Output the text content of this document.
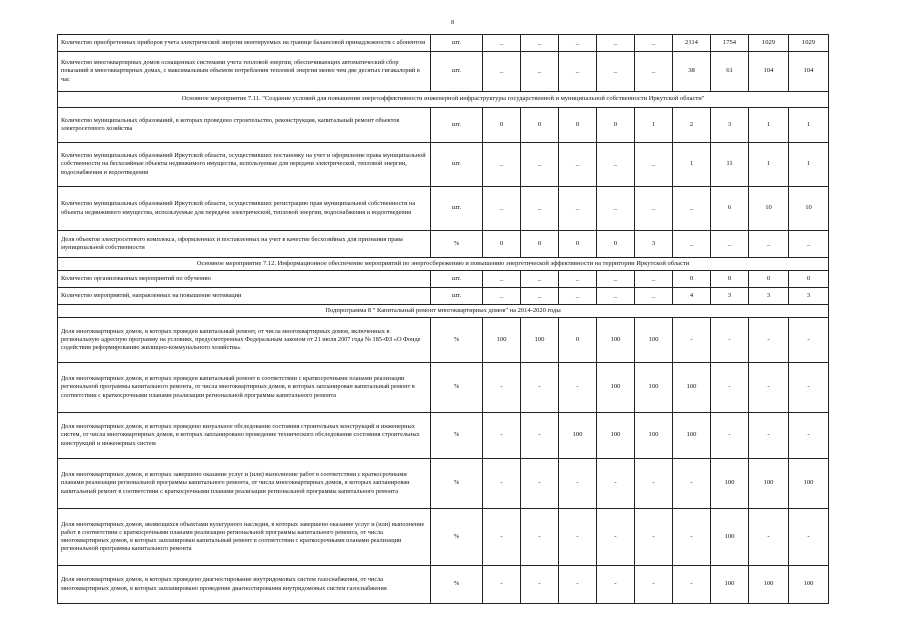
8
Количество приобретенных приборов учета электрической энергии монтируемых на границе балансовой принадлежности с абонентом	шт.	_	_	_	_	_	2114	1754	1029	1029
Количество многоквартирных домов оснащенных системами учета тепловой энергии, обеспечивающих автоматический сбор показаний в многоквартирных домах, с максимальным объемом потребления тепловой энергии менее чем две десятых гигакалорий в час	шт.	_	_	_	_	_	38	61	104	104
Основное мероприятие 7.11. "Создание условий для повышения энергоэффективности инженерной инфраструктуры государственной и муниципальной собственности Иркутской области"										
Количество муниципальных образований, в которых проведено строительство, реконструкция, капитальный ремонт объектов электросетевого хозяйства	шт.	0	0	0	0	1	2	3	1	1
Количество муниципальных образований Иркутской области, осуществивших постановку на учет и оформление права муниципальной собственности на бесхозяйные объекты недвижимого имущества, используемые для передачи электрической, тепловой энергии, водоснабжения и водоотведения	шт.	_	_	_	_	_	1	11	1	1
Количество муниципальных образований Иркутской области, осуществивших регистрацию прав муниципальной собственности на объекты недвижимого имущества, используемые для передачи электрической, тепловой энергии, водоснабжения и водоотведения	шт.	_	_	_	_	_	_	6	10	10
Доля объектов электросетевого комплекса, оформленных и поставленных на учет в качестве бесхозяйных для признания права муниципальной собственности	%	0	0	0	0	3	_	_	_	_
Основное мероприятие 7.12. Информационное обеспечение мероприятий по энергосбережению и повышению энергетической эффективности на территории Иркутской области										
Количество организованных мероприятий по обучению	шт.	_	_	_	_	_	0	0	0	0
Количество мероприятий, направленных на повышение мотивации	шт.	_	_	_	_	_	4	3	3	3
Подпрограмма 8 " Капитальный ремонт многоквартирных домов" на 2014-2020 годы										
Доля многоквартирных домов, в которых проведен капитальный ремонт, от числа многоквартирных домов, включенных в региональную адресную программу на условиях, предусмотренных Федеральным законом от 21 июля 2007 года № 185-ФЗ «О Фонде содействия реформированию жилищно-коммунального хозяйства»	%	100	100	0	100	100	-	-	-	-
Доля многоквартирных домов, в которых проведен капитальный ремонт в соответствии с краткосрочными планами реализации региональной программы капитального ремонта, от числа многоквартирных домов, в которых запланирован капитальный ремонт в соответствии с краткосрочными планами реализации региональной программы капитального ремонта	%	-	-	-	100	100	100	-	-	-
Доля многоквартирных домов, в которых проведено визуальное обследование состояния строительных конструкций и инженерных систем, от числа многоквартирных домов, в которых запланировано проведение технического обследования состояния строительных конструкций и инженерных систем	%	-	-	100	100	100	100	-	-	-
Доля многоквартирных домов, в которых завершено оказание услуг и (или) выполнение работ в соответствии с краткосрочными планами реализации региональной программы капитального ремонта, от числа многоквартирных домов, в которых запланирован капитальный ремонт в соответствии с краткосрочными планами реализации региональной программы капитального ремонта	%	-	-	-	-	-	-	100	100	100
Доля многоквартирных домов, являющихся объектами культурного наследия, в которых завершено оказание услуг и (или) выполнение работ в соответствии с краткосрочными планами реализации региональной программы капитального ремонта, от числа многоквартирных домов, в которых запланирован капитальный ремонт в соответствии с краткосрочными планами реализации региональной программы капитального ремонта	%	-	-	-	-	-	-	100	-	-
Доля многоквартирных домов, в которых проведено диагностирование внутридомовых систем газоснабжения, от числа многоквартирных домов, в которых запланировано проведение диагностирования внутридомовых систем газоснабжения	%	-	-	-	-	-	-	100	100	100
